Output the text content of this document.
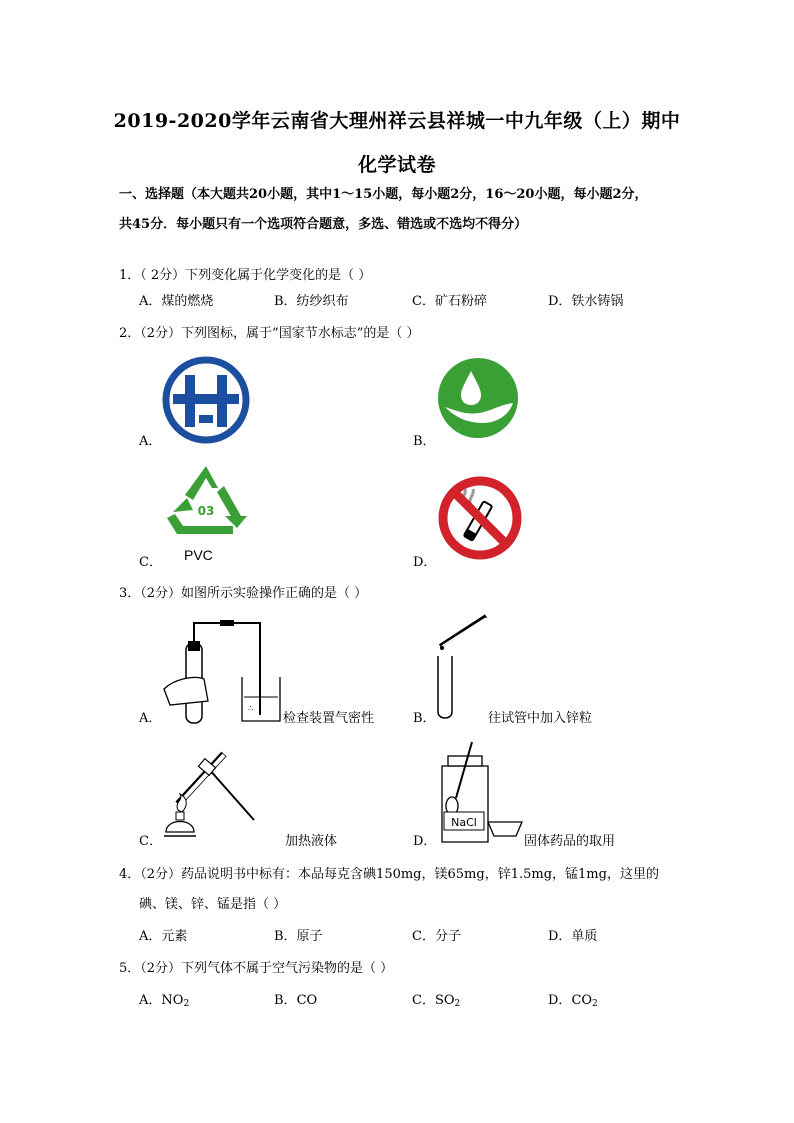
2019-2020学年云南省大理州祥云县祥城一中九年级（上）期中
化学试卷
一、选择题（本大题共20小题，其中1～15小题，每小题2分，16～20小题，每小题2分，
共45分．每小题只有一个选项符合题意，多选、错选或不选均不得分）
1．（ 2分）下列变化属于化学变化的是（ ）
A．煤的燃烧	B．纺纱织布	C．矿石粉碎	D．铁水铸锅
2．（2分）下列图标，属于“国家节水标志”的是（ ）
A．	B．
C．
03
PVC	D．
3．（2分）如图所示实验操作正确的是（ ）
A．
∴
检查装置气密性	B．	往试管中加入锌粒
C．	加热液体	D．
NaCl
固体药品的取用
4．（2分）药品说明书中标有：本品每克含碘150mg，镁65mg，锌1.5mg，锰1mg，这里的
碘、镁、锌、锰是指（ ）
A．元素	B．原子	C．分子	D．单质
5．（2分）下列气体不属于空气污染物的是（ ）
A．$NO_2$	B．CO	C．$SO_2$	D．$CO_2$
